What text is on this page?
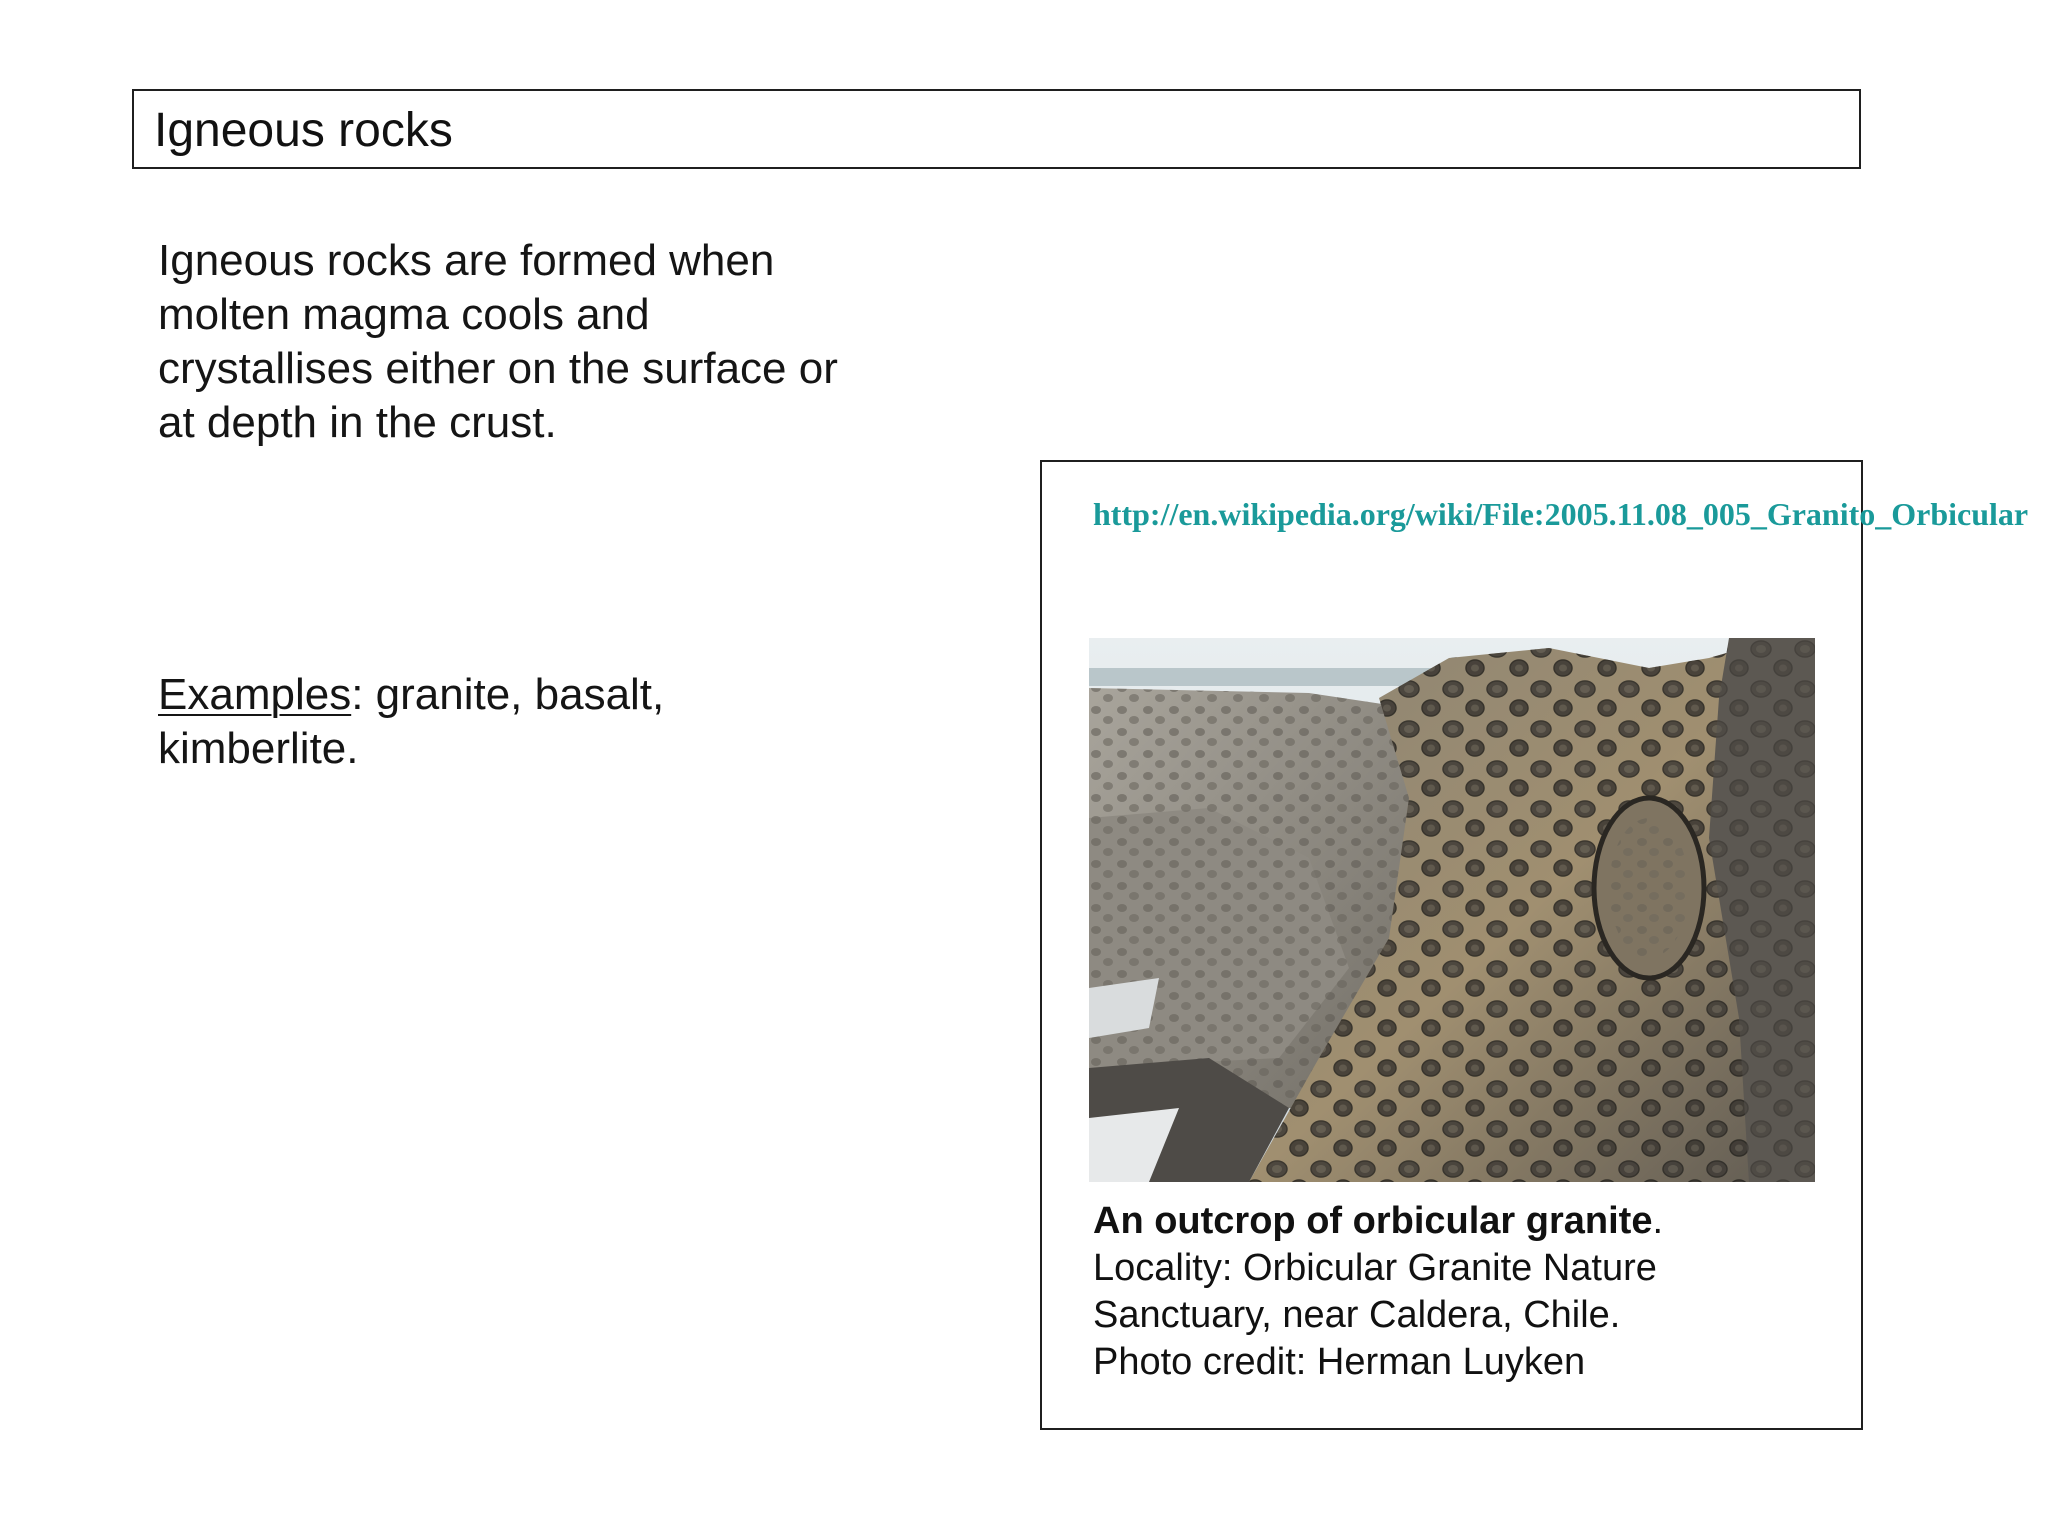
Igneous rocks
Igneous rocks are formed when molten magma cools and crystallises either on the surface or at depth in the crust.
Examples: granite, basalt, kimberlite.
http://en.wikipedia.org/wiki/File:2005.11.08_005_Granito_Orbicular
An outcrop of orbicular granite.
Locality: Orbicular Granite Nature
Sanctuary, near Caldera, Chile.
Photo credit: Herman Luyken
